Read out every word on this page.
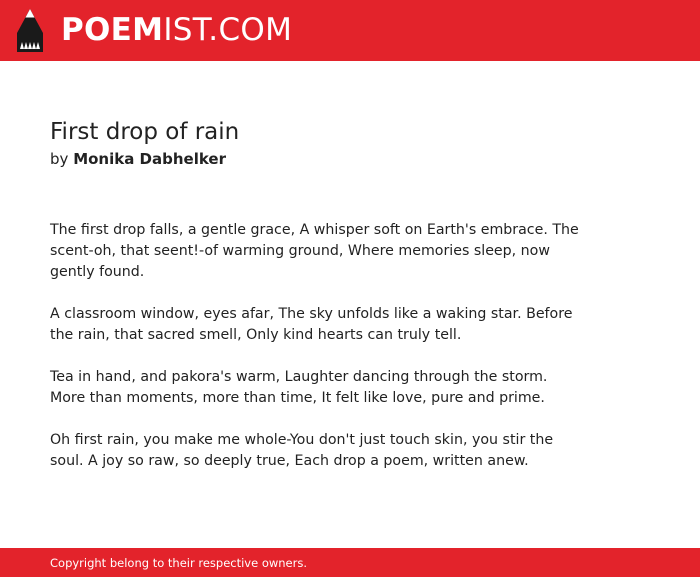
POEMIST.COM
First drop of rain

by Monika Dabhelker

The first drop falls, a gentle grace, A whisper soft on Earth's embrace. The scent-oh, that seent!-of warming ground, Where memories sleep, now gently found.

A classroom window, eyes afar, The sky unfolds like a waking star. Before the rain, that sacred smell, Only kind hearts can truly tell.

Tea in hand, and pakora's warm, Laughter dancing through the storm. More than moments, more than time, It felt like love, pure and prime.

Oh first rain, you make me whole-You don't just touch skin, you stir the soul. A joy so raw, so deeply true, Each drop a poem, written anew.

Copyright belong to their respective owners.
